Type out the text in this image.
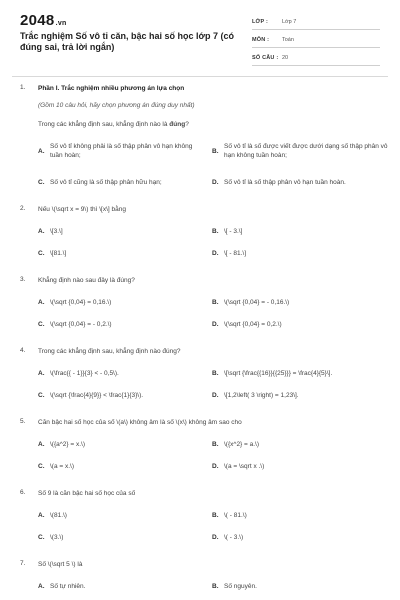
2048.vn
Trắc nghiệm Số vô tỉ căn, bậc hai số học lớp 7 (có đúng sai, trả lời ngắn)
LỚP :	Lớp 7
MÔN :	Toán
SỐ CÂU : 20
1. Phần I. Trắc nghiệm nhiều phương án lựa chọn
(Gồm 10 câu hỏi, hãy chọn phương án đúng duy nhất)
Trong các khẳng định sau, khẳng định nào là đúng?
A.
Số vô tỉ không phải là số thập phân vô hạn không tuần hoàn;
B.
Số vô tỉ là số được viết được dưới dạng số thập phân vô hạn không tuần hoàn;
C. Số vô tỉ cũng là số thập phân hữu hạn;	D. Số vô tỉ là số thập phân vô hạn tuần hoàn.
2. Nếu \(\sqrt x = 9\) thì \[x\] bằng
A. \[3.\]	B. \[ - 3.\]
C. \[81.\]	D. \[ - 81.\]
3. Khẳng định nào sau đây là đúng?
A. \(\sqrt {0,04} = 0,16.\)	B. \(\sqrt {0,04} = - 0,16.\)
C. \(\sqrt {0,04} = - 0,2.\)	D. \(\sqrt {0,04} = 0,2.\)
4. Trong các khẳng định sau, khẳng định nào đúng?
A. \(\frac{{ - 1}}{3} < - 0,5\).	B. \[\sqrt {\frac{{16}}{{25}}} = \frac{4}{5}\].
C. \(\sqrt {\frac{4}{9}} < \frac{1}{3}\).	D. \[1,2\left( 3 \right) = 1,23\].
5. Căn bậc hai số học của số \(a\) không âm là số \(x\) không âm sao cho
A. \({a^2} = x.\)	B. \({x^2} = a.\)
C. \(a = x.\)	D. \(a = \sqrt x .\)
6. Số 9 là căn bậc hai số học của số
A. \(81.\)	B. \( - 81.\)
C. \(3.\)	D. \( - 3.\)
7. Số \(\sqrt 5 \) là
A. Số tự nhiên.	B. Số nguyên.
